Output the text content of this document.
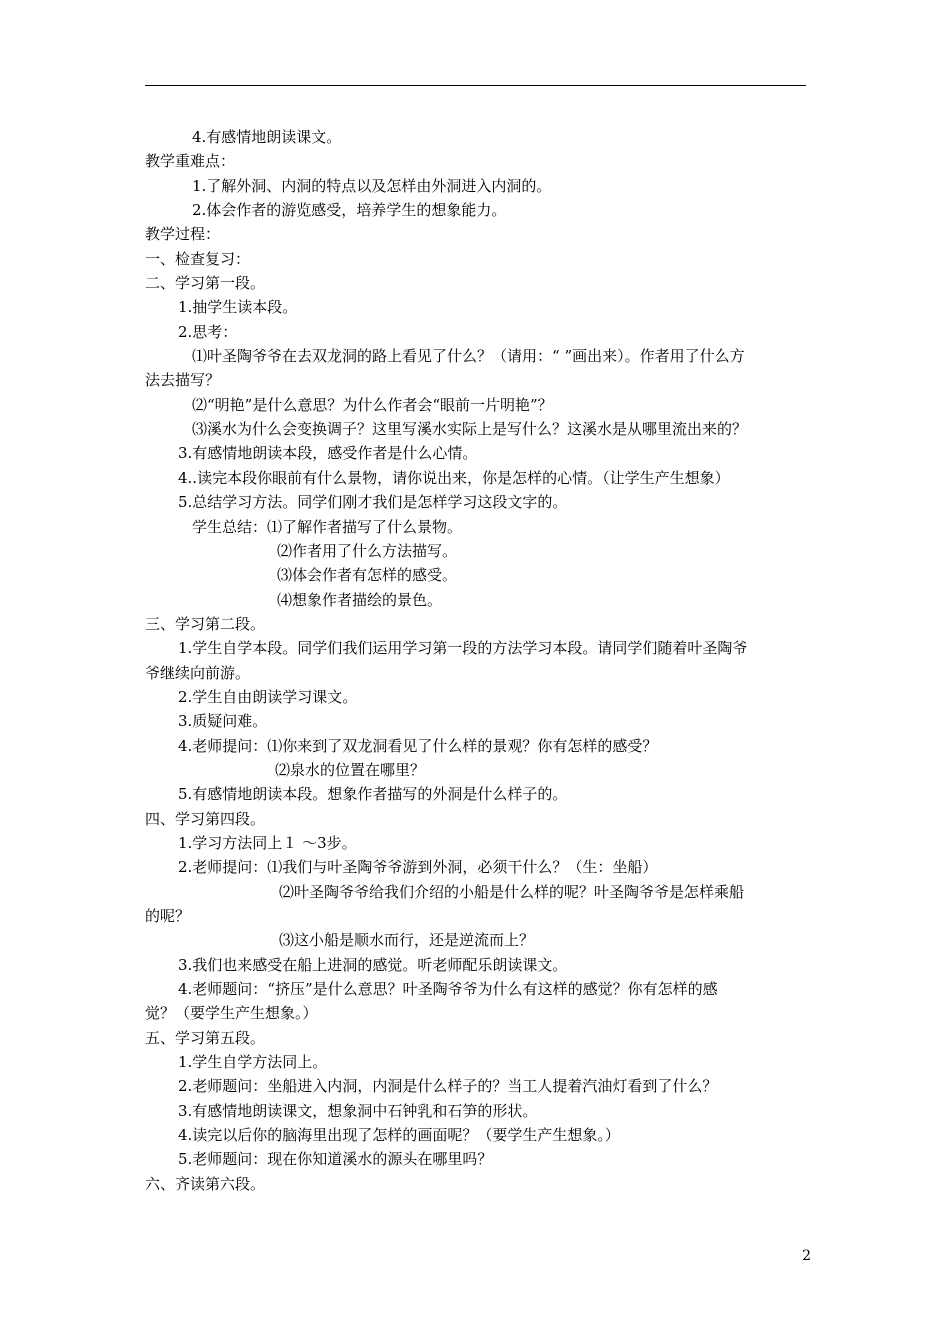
4.有感情地朗读课文。
教学重难点：
1.了解外洞、内洞的特点以及怎样由外洞进入内洞的。
2.体会作者的游览感受，培养学生的想象能力。
教学过程：
一、检查复习：
二、学习第一段。
1.抽学生读本段。
2.思考：
⑴叶圣陶爷爷在去双龙洞的路上看见了什么？（请用：“ ”画出来）。作者用了什么方
法去描写？
⑵“明艳”是什么意思？为什么作者会“眼前一片明艳”？
⑶溪水为什么会变换调子？这里写溪水实际上是写什么？这溪水是从哪里流出来的？
3.有感情地朗读本段，感受作者是什么心情。
4..读完本段你眼前有什么景物，请你说出来，你是怎样的心情。（让学生产生想象）
5.总结学习方法。同学们刚才我们是怎样学习这段文字的。
学生总结：⑴了解作者描写了什么景物。
⑵作者用了什么方法描写。
⑶体会作者有怎样的感受。
⑷想象作者描绘的景色。
三、学习第二段。
1.学生自学本段。同学们我们运用学习第一段的方法学习本段。请同学们随着叶圣陶爷
爷继续向前游。
2.学生自由朗读学习课文。
3.质疑问难。
4.老师提问：⑴你来到了双龙洞看见了什么样的景观？你有怎样的感受？
⑵泉水的位置在哪里？
5.有感情地朗读本段。想象作者描写的外洞是什么样子的。
四、学习第四段。
1.学习方法同上１ ～3步。
2.老师提问：⑴我们与叶圣陶爷爷游到外洞，必须干什么？（生：坐船）
⑵叶圣陶爷爷给我们介绍的小船是什么样的呢？叶圣陶爷爷是怎样乘船
的呢？
⑶这小船是顺水而行，还是逆流而上？
3.我们也来感受在船上进洞的感觉。听老师配乐朗读课文。
4.老师题问：“挤压”是什么意思？叶圣陶爷爷为什么有这样的感觉？你有怎样的感
觉？（要学生产生想象。）
五、学习第五段。
1.学生自学方法同上。
2.老师题问：坐船进入内洞，内洞是什么样子的？当工人提着汽油灯看到了什么？
3.有感情地朗读课文，想象洞中石钟乳和石笋的形状。
4.读完以后你的脑海里出现了怎样的画面呢？（要学生产生想象。）
5.老师题问：现在你知道溪水的源头在哪里吗？
六、齐读第六段。
2
